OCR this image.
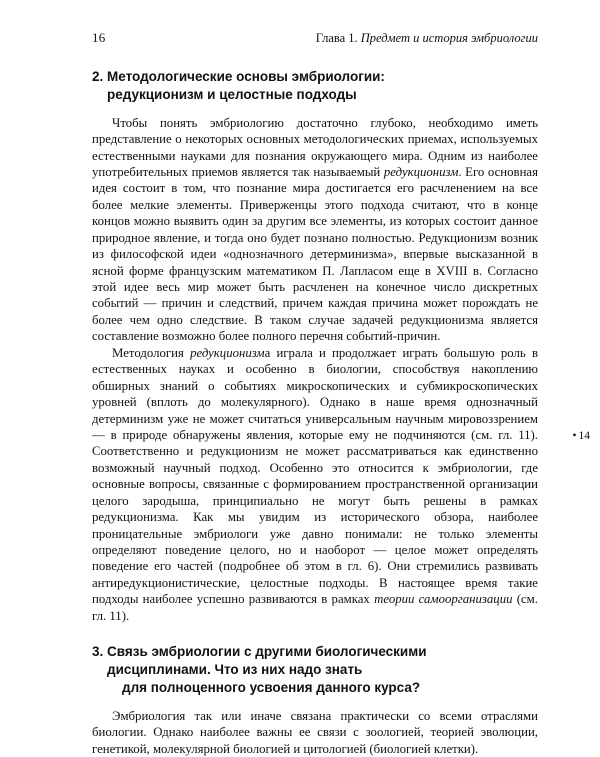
16	Глава 1. Предмет и история эмбриологии
2. Методологические основы эмбриологии:
редукционизм и целостные подходы

Чтобы понять эмбриологию достаточно глубоко, необходимо иметь представление о некоторых основных методологических приемах, используемых естественными науками для познания окружающего мира. Одним из наиболее употребительных приемов является так называемый редукционизм. Его основная идея состоит в том, что познание мира достигается его расчленением на все более мелкие элементы. Приверженцы этого подхода считают, что в конце концов можно выявить один за другим все элементы, из которых состоит данное природное явление, и тогда оно будет познано полностью. Редукционизм возник из философской идеи «однозначного детерминизма», впервые высказанной в ясной форме французским математиком П. Лапласом еще в XVIII в. Согласно этой идее весь мир может быть расчленен на конечное число дискретных событий — причин и следствий, причем каждая причина может порождать не более чем одно следствие. В таком случае задачей редукционизма является составление возможно более полного перечня событий-причин.

Методология редукционизма играла и продолжает играть большую роль в естественных науках и особенно в биологии, способствуя накоплению обширных знаний о событиях микроскопических и субмикроскопических уровней (вплоть до молекулярного). Однако в наше время однозначный детерминизм уже не может считаться универсальным научным мировоззрением — в природе обнаружены явления, которые ему не подчиняются (см. гл. 11). Соответственно и редукционизм не может рассматриваться как единственно возможный научный подход. Особенно это относится к эмбриологии, где основные вопросы, связанные с формированием пространственной организации целого зародыша, принципиально не могут быть решены в рамках редукционизма. Как мы увидим из исторического обзора, наиболее проницательные эмбриологи уже давно понимали: не только элементы определяют поведение целого, но и наоборот — целое может определять поведение его частей (подробнее об этом в гл. 6). Они стремились развивать антиредукционистические, целостные подходы. В настоящее время такие подходы наиболее успешно развиваются в рамках теории самоорганизации (см. гл. 11).

• 14
3. Связь эмбриологии с другими биологическими
дисциплинами. Что из них надо знать
для полноценного усвоения данного курса?

Эмбриология так или иначе связана практически со всеми отраслями биологии. Однако наиболее важны ее связи с зоологией, теорией эволюции, генетикой, молекулярной биологией и цитологией (биологией клетки).
